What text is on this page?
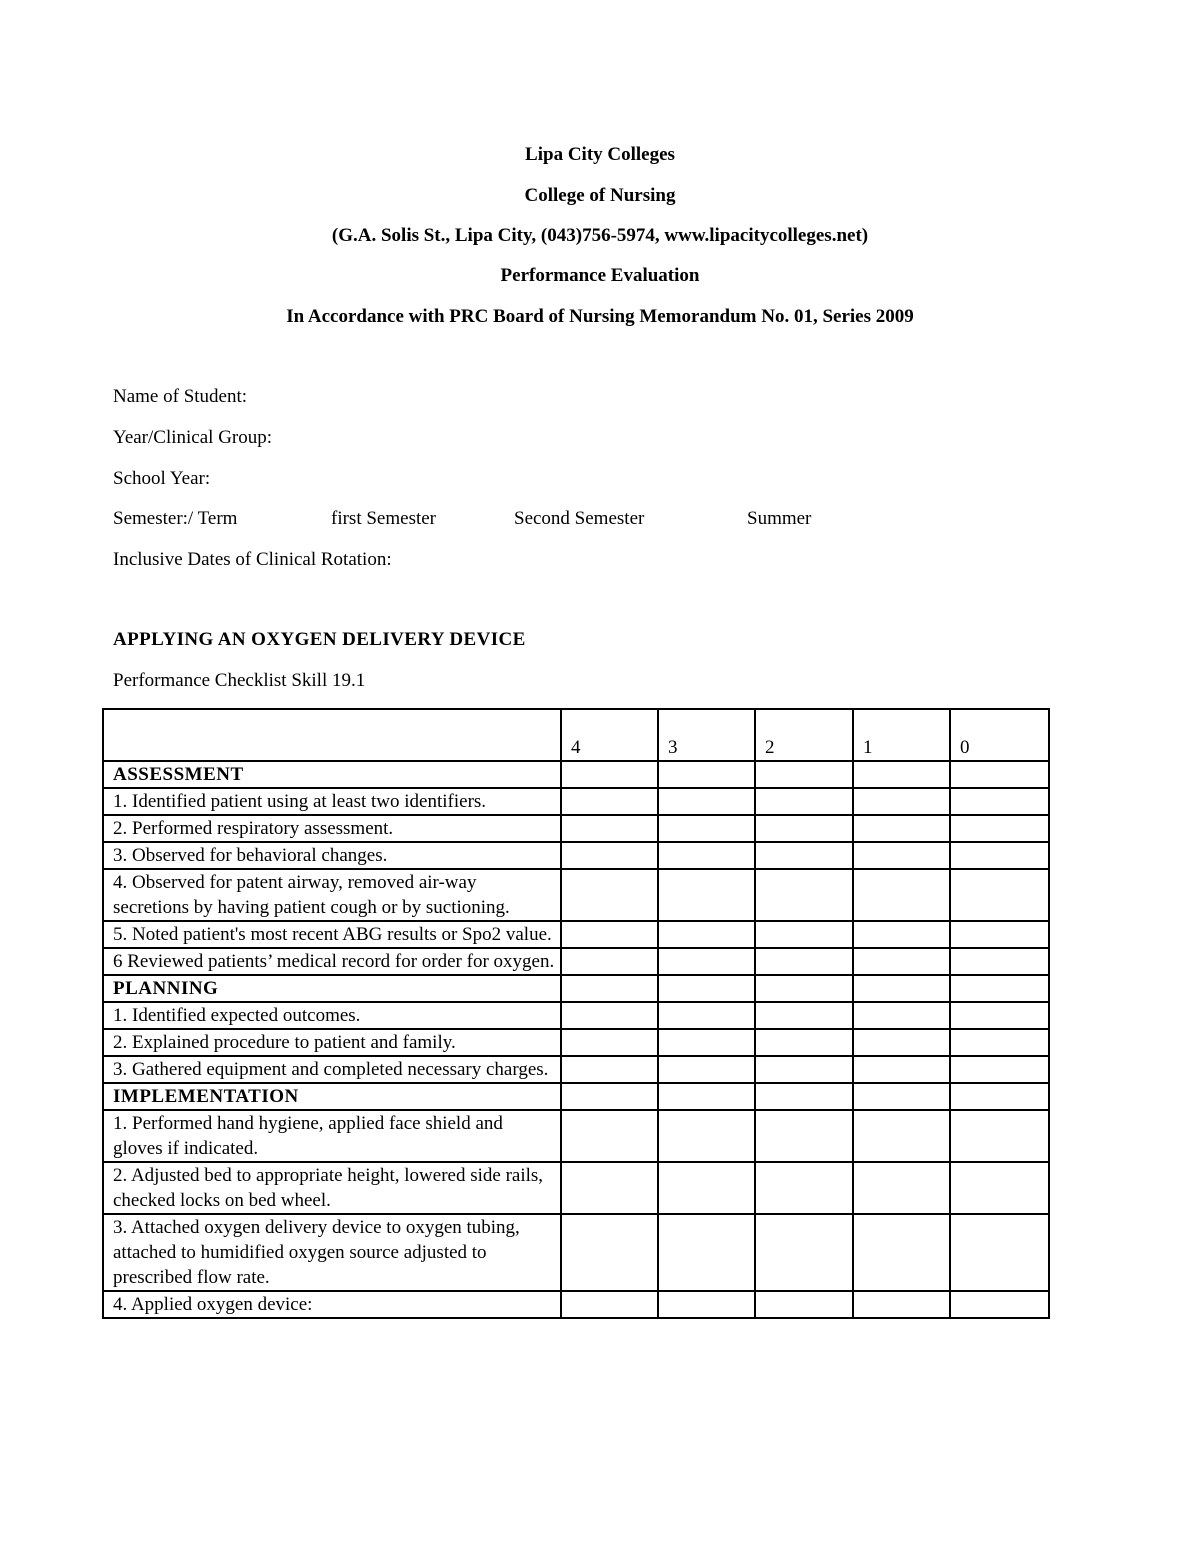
Lipa City Colleges
College of Nursing
(G.A. Solis St., Lipa City, (043)756-5974, www.lipacitycolleges.net)
Performance Evaluation
In Accordance with PRC Board of Nursing Memorandum No. 01, Series 2009
Name of Student:
Year/Clinical Group:
School Year:
Semester:/ Term	first Semester	Second Semester	Summer
Inclusive Dates of Clinical Rotation:
APPLYING AN OXYGEN DELIVERY DEVICE
Performance Checklist Skill 19.1
	4	3	2	1	0
ASSESSMENT					
1. Identified patient using at least two identifiers.					
2. Performed respiratory assessment.					
3. Observed for behavioral changes.					
4. Observed for patent airway, removed air-way secretions by having patient cough or by suctioning.					
5. Noted patient's most recent ABG results or Spo2 value.					
6 Reviewed patients’ medical record for order for oxygen.					
PLANNING					
1. Identified expected outcomes.					
2. Explained procedure to patient and family.					
3. Gathered equipment and completed necessary charges.					
IMPLEMENTATION					
1. Performed hand hygiene, applied face shield and gloves if indicated.					
2. Adjusted bed to appropriate height, lowered side rails, checked locks on bed wheel.					
3. Attached oxygen delivery device to oxygen tubing, attached to humidified oxygen source adjusted to prescribed flow rate.					
4. Applied oxygen device:					
